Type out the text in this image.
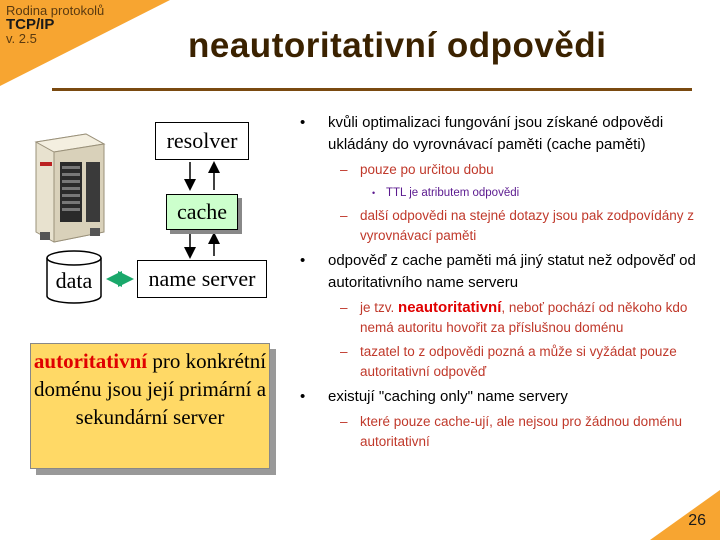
Rodina protokolů
TCP/IP
v. 2.5	neautoritativní odpovědi
data
resolver
cache
name server
autoritativní pro konkrétní doménu jsou její primární a sekundární server
• kvůli optimalizaci fungování jsou získané odpovědi ukládány do vyrovnávací paměti (cache paměti)
– pouze po určitou dobu
• TTL je atributem odpovědi
– další odpovědi na stejné dotazy jsou pak zodpovídány z vyrovnávací paměti
• odpověď z cache paměti má jiný statut než odpověď od autoritativního name serveru
– je tzv. neautoritativní, neboť pochází od někoho kdo nemá autoritu hovořit za příslušnou doménu
– tazatel to z odpovědi pozná a může si vyžádat pouze autoritativní odpověď
• existují "caching only" name servery
– které pouze cache-ují, ale nejsou pro žádnou doménu autoritativní
26
